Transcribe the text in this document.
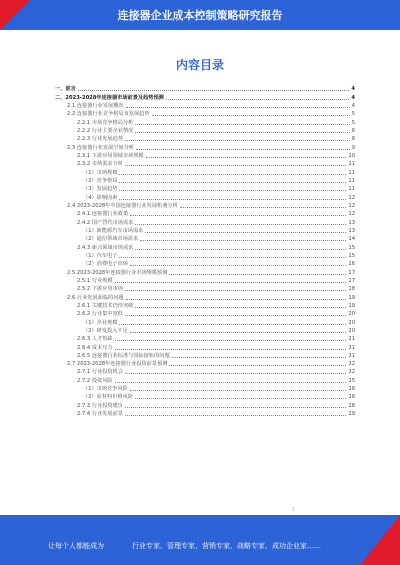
连接器企业成本控制策略研究报告
内容目录
一、前言	4
二、2023-2028年连接器市场前景及趋势预测	4
2.1 连接器行业发展概况	4
2.2 连接器行业竞争格局及发展趋势	5
2.2.1 市场竞争格局分析	5
2.2.2 行业主要企业情况	6
2.2.3 行业发展趋势	8
2.3 连接器行业发展空间分析	9
2.3.1 下游应用领域市场规模	10
2.3.2 市场需求分析	11
（1）市场规模	11
（2）竞争格局	11
（3）发展趋势	11
（4）影响因素	12
2.4 2023-2028年中国连接器行业发展机遇分析	12
2.4.1 连接器行业政策	12
2.4.2 国产替代市场需求	13
（1）新能源汽车市场需求	13
（2）通信领域市场需求	14
2.4.3 新兴领域市场需求	15
（1）汽车电子	15
（2）消费电子市场	16
2.5 2023-2028年连接器行业市场规模预测	17
2.5.1 行业规模	17
2.5.2 下游应用市场	18
2.6 行业发展面临的问题	19
2.6.1 关键技术仍待突破	19
2.6.2 行业集中度低	20
（1）企业规模	20
（2）研发投入不足	20
2.6.3 人才短缺	21
2.6.4 成本压力	21
2.6.5 连接器行业标准与国际接轨的问题	21
2.7 2023-2028年连接器行业投资前景预测	22
2.7.1 行业投资机会	22
2.7.2 投资风险	25
（1）市场竞争风险	26
（2）原材料价格风险	26
2.7.3 行业投资建议	28
2.7.4 行业发展前景	29
1
让每个人都能成为	行业专家、管理专家、营销专家、战略专家、成功企业家……
